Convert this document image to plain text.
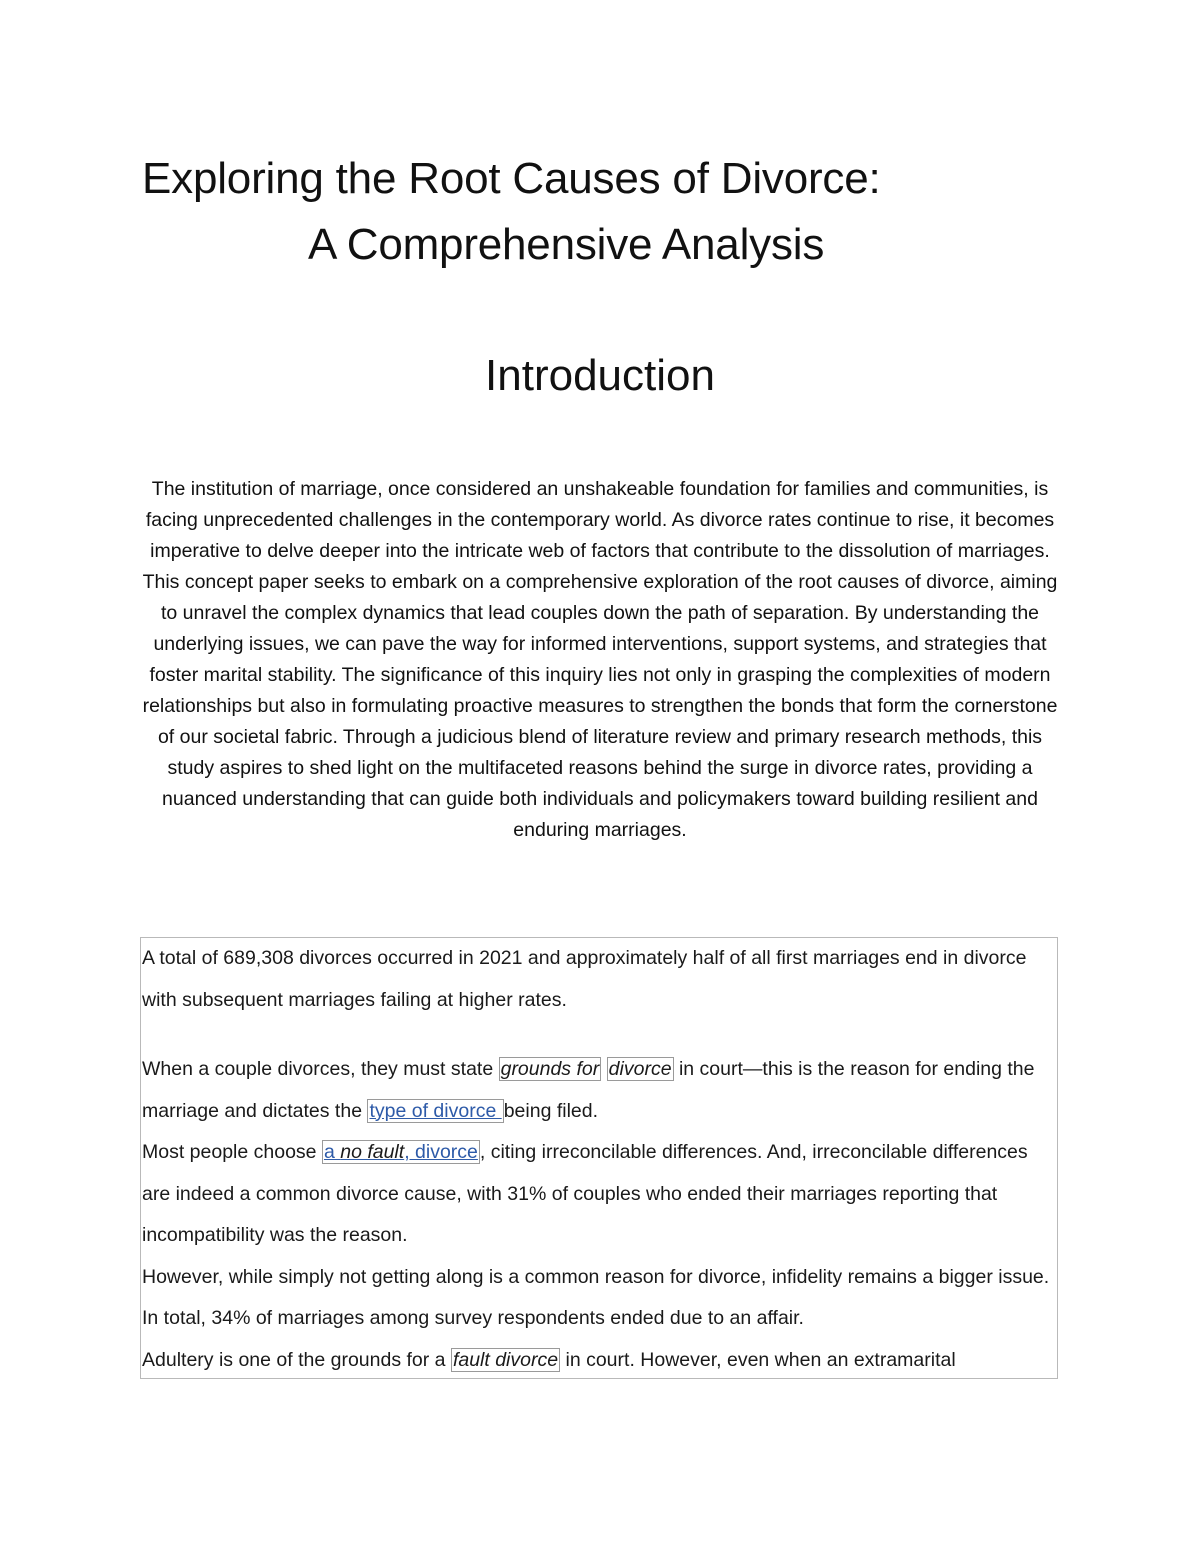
Exploring the Root Causes of Divorce:
A Comprehensive Analysis
Introduction

The institution of marriage, once considered an unshakeable foundation for families and communities, is facing unprecedented challenges in the contemporary world. As divorce rates continue to rise, it becomes imperative to delve deeper into the intricate web of factors that contribute to the dissolution of marriages. This concept paper seeks to embark on a comprehensive exploration of the root causes of divorce, aiming to unravel the complex dynamics that lead couples down the path of separation. By understanding the underlying issues, we can pave the way for informed interventions, support systems, and strategies that foster marital stability. The significance of this inquiry lies not only in grasping the complexities of modern relationships but also in formulating proactive measures to strengthen the bonds that form the cornerstone of our societal fabric. Through a judicious blend of literature review and primary research methods, this study aspires to shed light on the multifaceted reasons behind the surge in divorce rates, providing a nuanced understanding that can guide both individuals and policymakers toward building resilient and enduring marriages.

A total of 689,308 divorces occurred in 2021 and approximately half of all first marriages end in divorce with subsequent marriages failing at higher rates.

When a couple divorces, they must state grounds for divorce in court—this is the reason for ending the marriage and dictates the type of divorce being filed.

Most people choose a no fault, divorce , citing irreconcilable differences. And, irreconcilable differences are indeed a common divorce cause, with 31% of couples who ended their marriages reporting that incompatibility was the reason.

However, while simply not getting along is a common reason for divorce, infidelity remains a bigger issue. In total, 34% of marriages among survey respondents ended due to an affair.

Adultery is one of the grounds for a fault divorce in court. However, even when an extramarital
